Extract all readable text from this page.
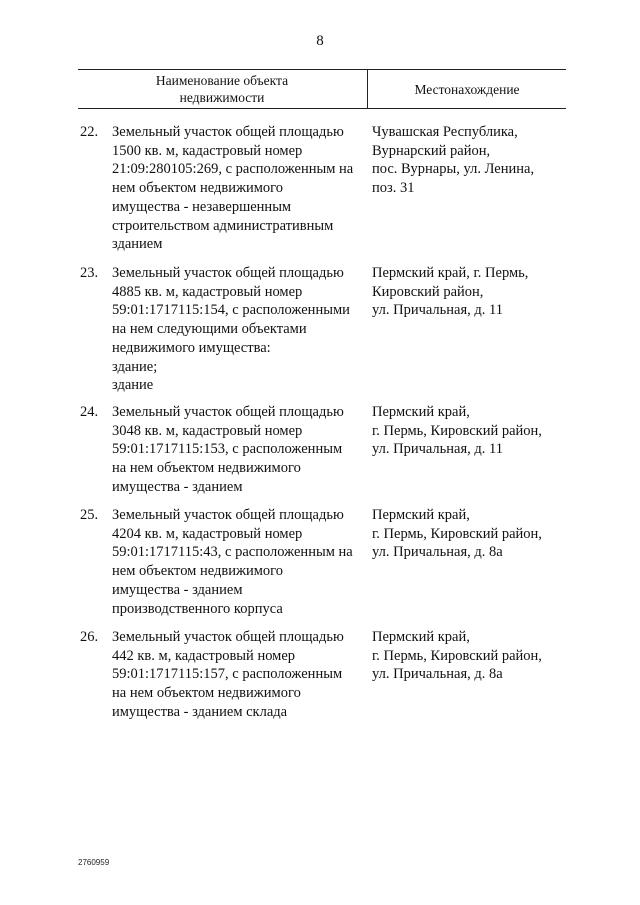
8
Наименование объекта
недвижимости
Местонахождение
22. Земельный участок общей площадью
1500 кв. м, кадастровый номер
21:09:280105:269, с расположенным на
нем объектом недвижимого
имущества - незавершенным
строительством административным
зданием
Чувашская Республика,
Вурнарский район,
пос. Вурнары, ул. Ленина,
поз. 31
23. Земельный участок общей площадью
4885 кв. м, кадастровый номер
59:01:1717115:154, с расположенными
на нем следующими объектами
недвижимого имущества:
здание;
здание
Пермский край, г. Пермь,
Кировский район,
ул. Причальная, д. 11
24. Земельный участок общей площадью
3048 кв. м, кадастровый номер
59:01:1717115:153, с расположенным
на нем объектом недвижимого
имущества - зданием
Пермский край,
г. Пермь, Кировский район,
ул. Причальная, д. 11
25. Земельный участок общей площадью
4204 кв. м, кадастровый номер
59:01:1717115:43, с расположенным на
нем объектом недвижимого
имущества - зданием
производственного корпуса
Пермский край,
г. Пермь, Кировский район,
ул. Причальная, д. 8а
26. Земельный участок общей площадью
442 кв. м, кадастровый номер
59:01:1717115:157, с расположенным
на нем объектом недвижимого
имущества - зданием склада
Пермский край,
г. Пермь, Кировский район,
ул. Причальная, д. 8а
2760959
